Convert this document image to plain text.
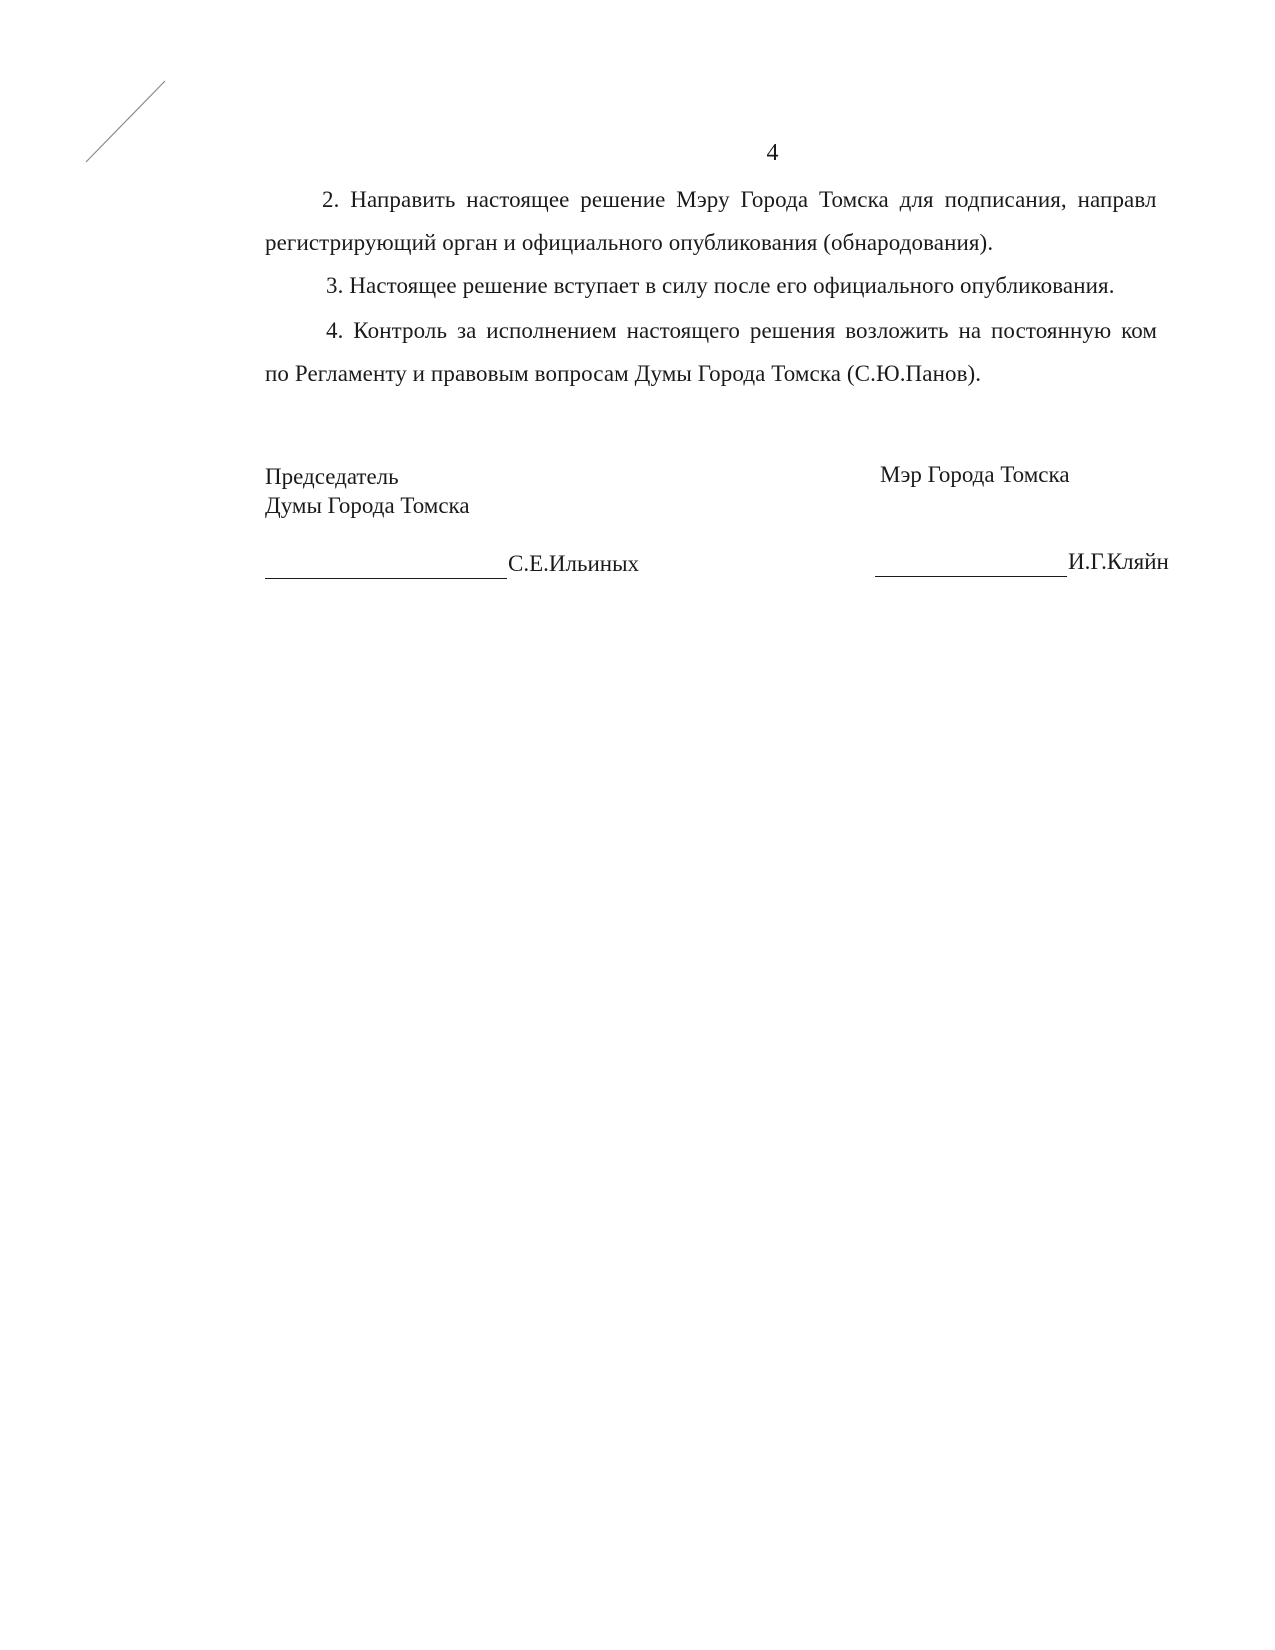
4
2. Направить настоящее решение Мэру Города Томска для подписания, направл
регистрирующий орган и официального опубликования (обнародования).
3. Настоящее решение вступает в силу после его официального опубликования.
4. Контроль за исполнением настоящего решения возложить на постоянную ком
по Регламенту и правовым вопросам Думы Города Томска (С.Ю.Панов).
Председатель
Думы Города Томска
Мэр Города Томска
С.Е.Ильиных	И.Г.Кляйн
